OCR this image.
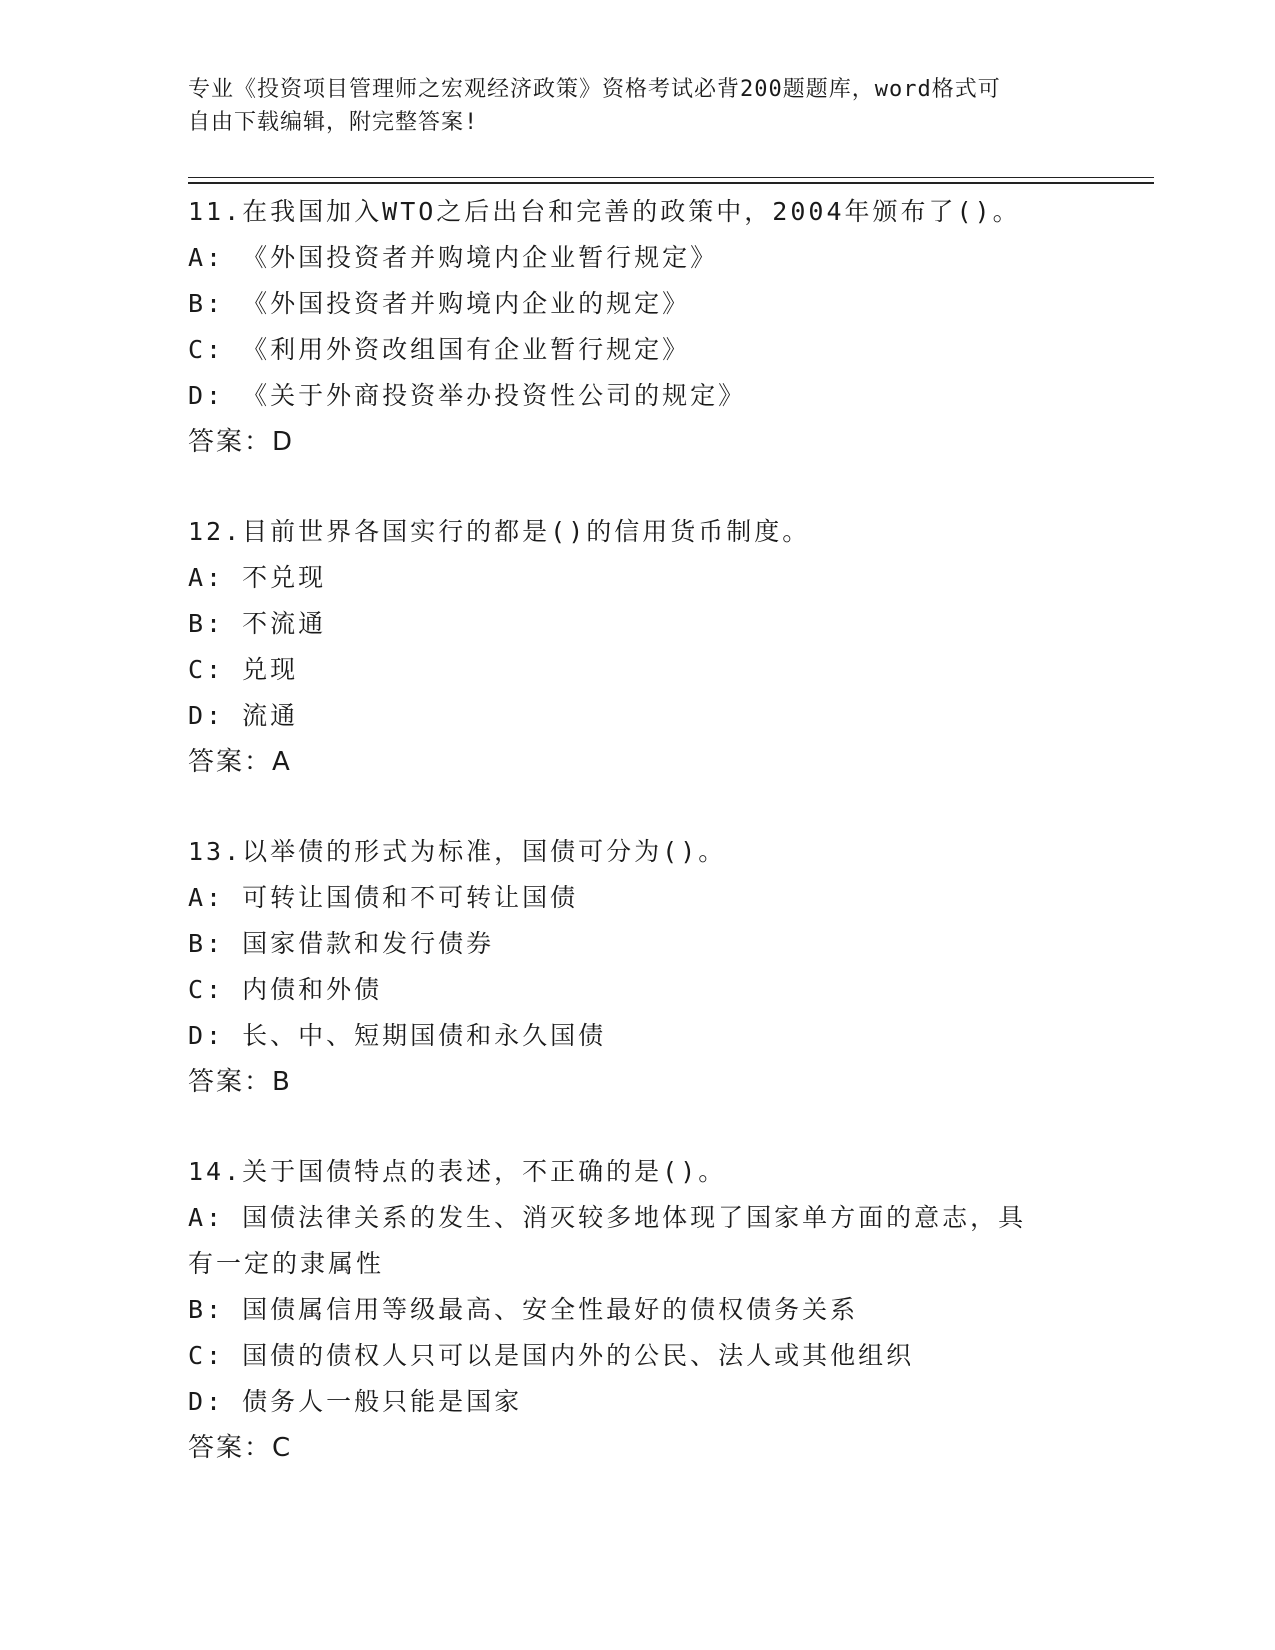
专业《投资项目管理师之宏观经济政策》资格考试必背200题题库，word格式可
自由下载编辑，附完整答案!
11.在我国加入WTO之后出台和完善的政策中，2004年颁布了()。
A: 《外国投资者并购境内企业暂行规定》
B: 《外国投资者并购境内企业的规定》
C: 《利用外资改组国有企业暂行规定》
D: 《关于外商投资举办投资性公司的规定》
答案：D
12.目前世界各国实行的都是()的信用货币制度。
A: 不兑现
B: 不流通
C: 兑现
D: 流通
答案：A
13.以举债的形式为标准，国债可分为()。
A: 可转让国债和不可转让国债
B: 国家借款和发行债券
C: 内债和外债
D: 长、中、短期国债和永久国债
答案：B
14.关于国债特点的表述，不正确的是()。
A: 国债法律关系的发生、消灭较多地体现了国家单方面的意志，具有一定的隶属性
B: 国债属信用等级最高、安全性最好的债权债务关系
C: 国债的债权人只可以是国内外的公民、法人或其他组织
D: 债务人一般只能是国家
答案：C
